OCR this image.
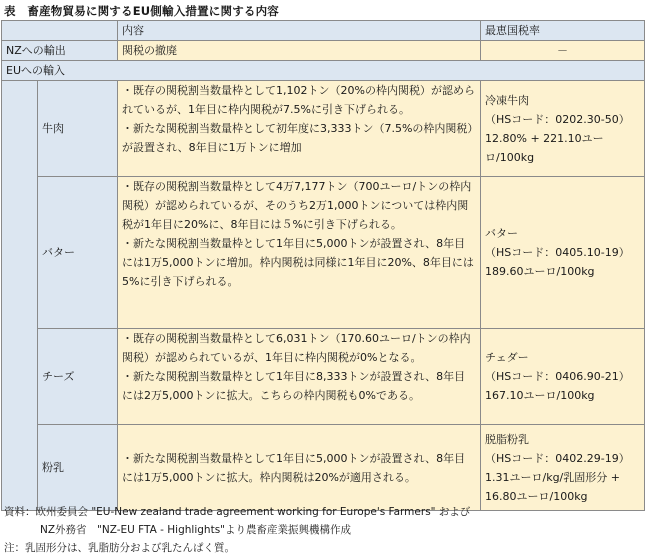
表　畜産物貿易に関するEU側輸入措置に関する内容
		内容	最恵国税率
NZへの輸出		関税の撤廃	－
EUへの輸入			
	牛肉	・既存の関税割当数量枠として1,102トン（20%の枠内関税）が認められているが、1年目に枠内関税が7.5%に引き下げられる。
・新たな関税割当数量枠として初年度に3,333トン（7.5%の枠内関税）が設置され、8年目に1万トンに増加	冷凍牛肉
（HSコード：0202.30-50）
12.80% + 221.10ユーロ/100kg

	バター	・既存の関税割当数量枠として4万7,177トン（700ユーロ/トンの枠内関税）が認められているが、そのうち2万1,000トンについては枠内関税が1年目に20%に、8年目には５%に引き下げられる。
・新たな関税割当数量枠として1年目に5,000トンが設置され、8年目には1万5,000トンに増加。枠内関税は同様に1年目に20%、8年目には5%に引き下げられる。	バター
（HSコード：0405.10-19）
189.60ユーロ/100kg

	チーズ	・既存の関税割当数量枠として6,031トン（170.60ユーロ/トンの枠内関税）が認められているが、1年目に枠内関税が0%となる。
・新たな関税割当数量枠として1年目に8,333トンが設置され、8年目には2万5,000トンに拡大。こちらの枠内関税も0%である。	チェダー
（HSコード：0406.90-21）
167.10ユーロ/100kg

	粉乳	・新たな関税割当数量枠として1年目に5,000トンが設置され、8年目には1万5,000トンに拡大。枠内関税は20%が適用される。	脱脂粉乳
（HSコード：0402.29-19）
1.31ユーロ/kg/乳固形分 + 16.80ユーロ/100kg
資料：欧州委員会 "EU-New zealand trade agreement working for Europe's Farmers" および
NZ外務省　"NZ-EU FTA - Highlights"より農畜産業振興機構作成
注：乳固形分は、乳脂肪分および乳たんぱく質。
